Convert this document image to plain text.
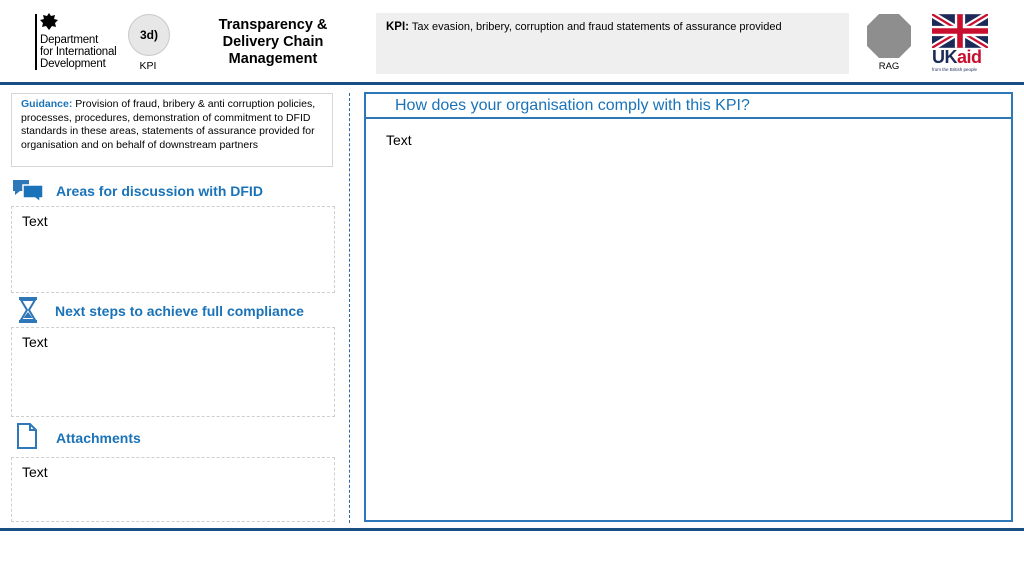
Department
for International
Development
3d)
KPI
Transparency &
Delivery Chain
Management
KPI: Tax evasion, bribery, corruption and fraud statements of assurance provided
RAG	UKaid
from the British people
Guidance: Provision of fraud, bribery & anti corruption policies, processes, procedures, demonstration of commitment to DFID standards in these areas, statements of assurance provided for organisation and on behalf of downstream partners
Areas for discussion with DFID
Text
Next steps to achieve full compliance
Text
Attachments
Text
How does your organisation comply with this KPI?
Text
